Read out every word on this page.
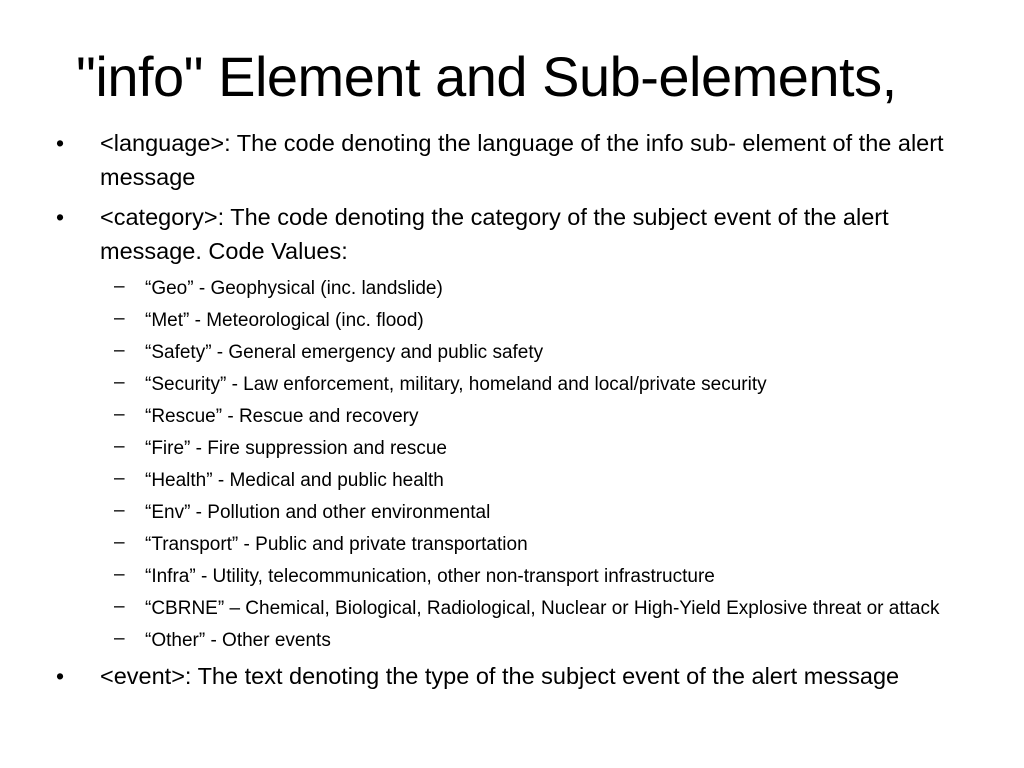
"info" Element and Sub-elements,
•	<language>: The code denoting the language of the info sub- element of the alert message
•	<category>: The code denoting the category of the subject event of the alert message. Code Values:
– “Geo” - Geophysical (inc. landslide)
– “Met” - Meteorological (inc. flood)
– “Safety” - General emergency and public safety
– “Security” - Law enforcement, military, homeland and local/private security
– “Rescue” - Rescue and recovery
– “Fire” - Fire suppression and rescue
– “Health” - Medical and public health
– “Env” - Pollution and other environmental
– “Transport” - Public and private transportation
– “Infra” - Utility, telecommunication, other non-transport infrastructure
– “CBRNE” – Chemical, Biological, Radiological, Nuclear or High-Yield Explosive threat or attack
– “Other” - Other events
•	<event>: The text denoting the type of the subject event of the alert message
